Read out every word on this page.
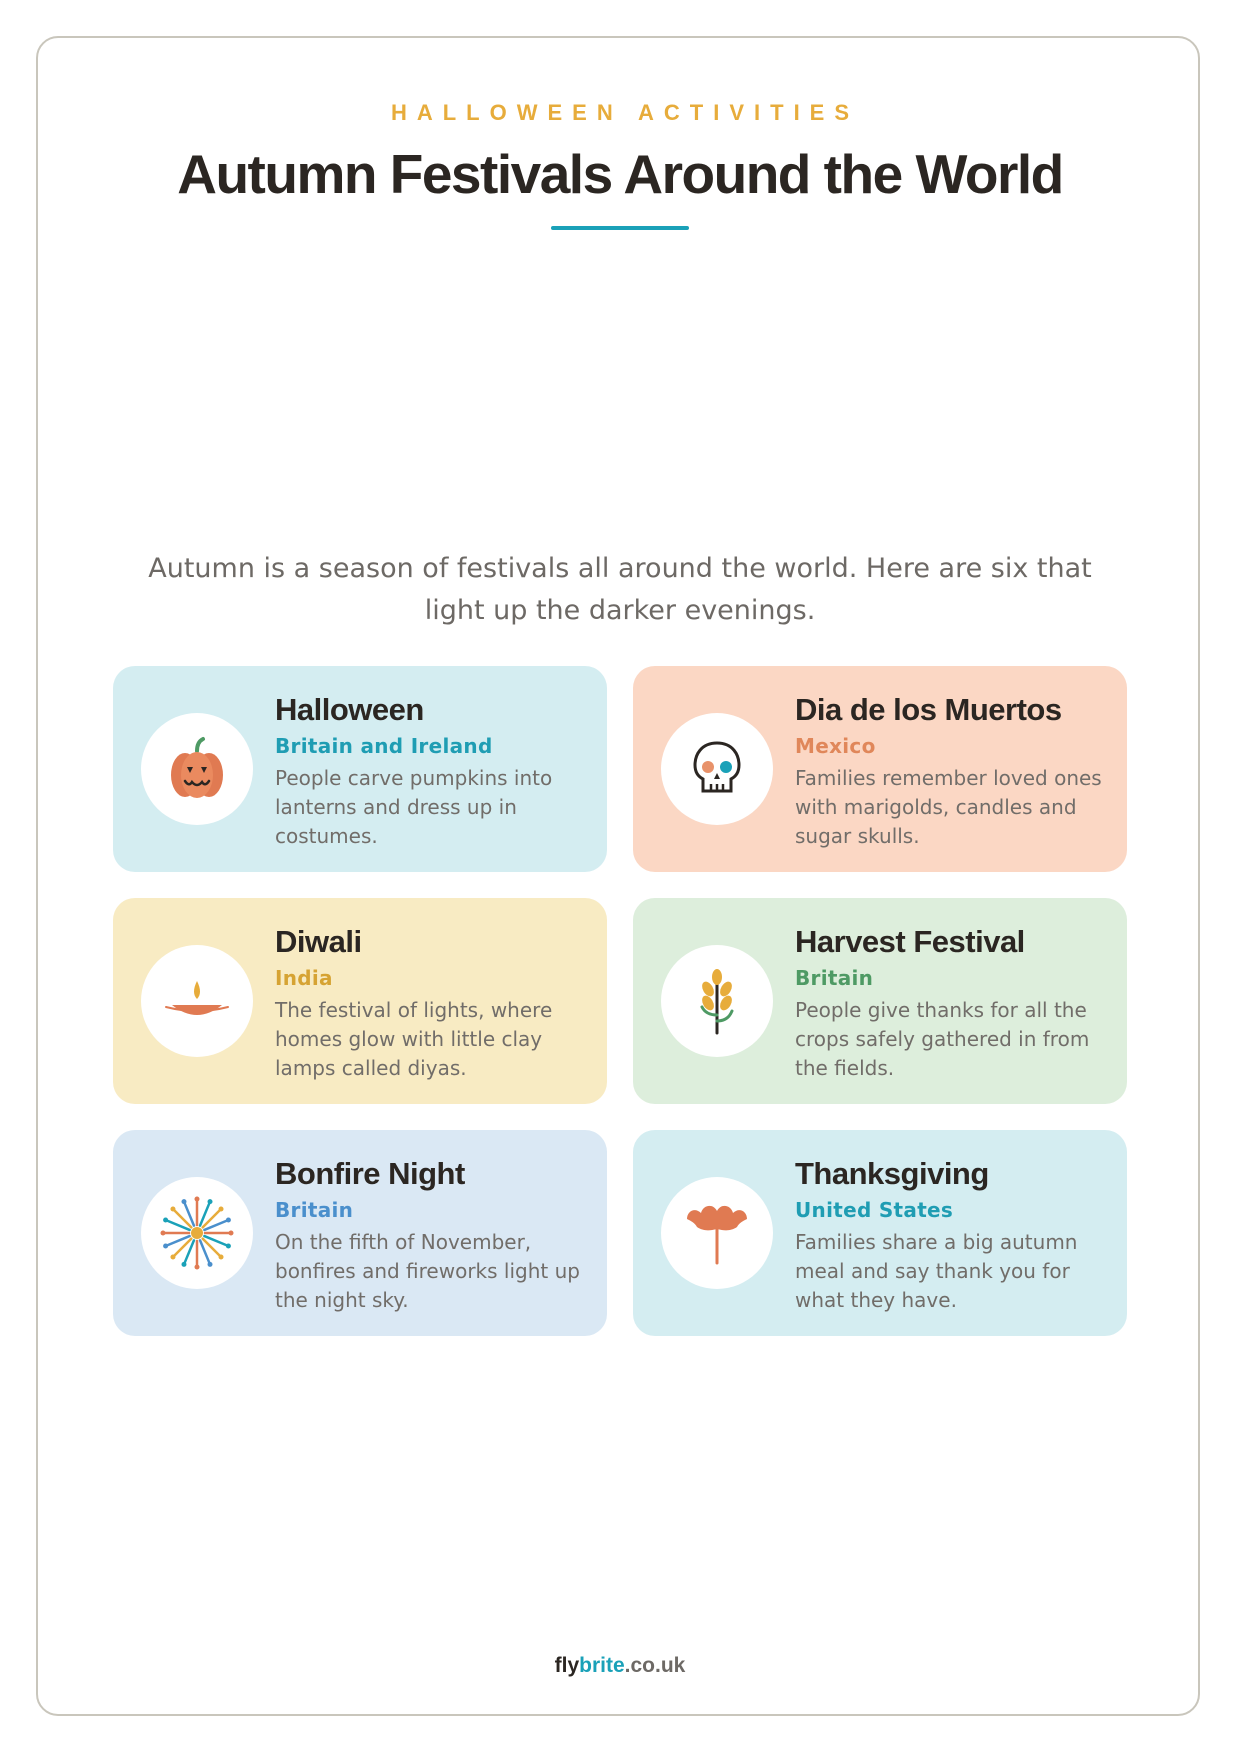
HALLOWEEN ACTIVITIES
Autumn Festivals Around the World

Autumn is a season of festivals all around the world. Here are six that light up the darker evenings.

Halloween
Britain and Ireland

People carve pumpkins into lanterns and dress up in costumes.

Dia de los Muertos
Mexico

Families remember loved ones with marigolds, candles and sugar skulls.

Diwali
India

The festival of lights, where homes glow with little clay lamps called diyas.

Harvest Festival
Britain

People give thanks for all the crops safely gathered in from the fields.

Bonfire Night
Britain

On the fifth of November, bonfires and fireworks light up the night sky.

Thanksgiving
United States

Families share a big autumn meal and say thank you for what they have.

flybrite.co.uk
